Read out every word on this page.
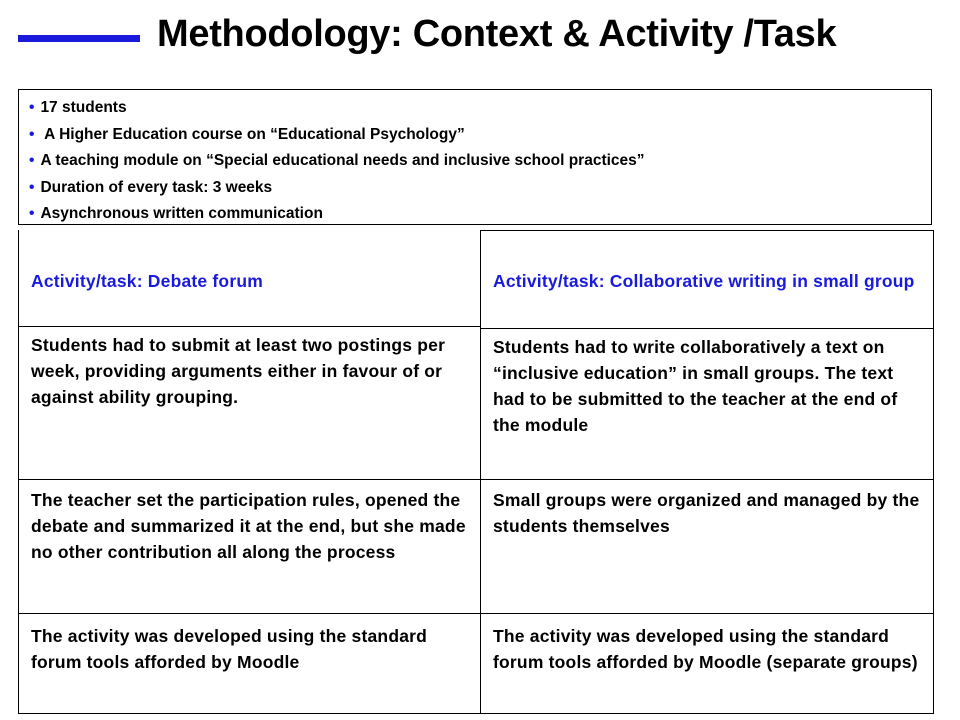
Methodology: Context & Activity /Task
• 17 students
• A Higher Education course on “Educational Psychology”
• A teaching module on “Special educational needs and inclusive school practices”
• Duration of every task: 3 weeks
• Asynchronous written communication

Activity/task: Debate forum

Students had to submit at least two postings per week, providing arguments either in favour of or against ability grouping.

The teacher set the participation rules, opened the debate and summarized it at the end, but she made no other contribution all along the process

The activity was developed using the standard forum tools afforded by Moodle

Activity/task: Collaborative writing in small group

Students had to write collaboratively a text on “inclusive education” in small groups. The text had to be submitted to the teacher at the end of the module

Small groups were organized and managed by the students themselves

The activity was developed using the standard forum tools afforded by Moodle (separate groups)
